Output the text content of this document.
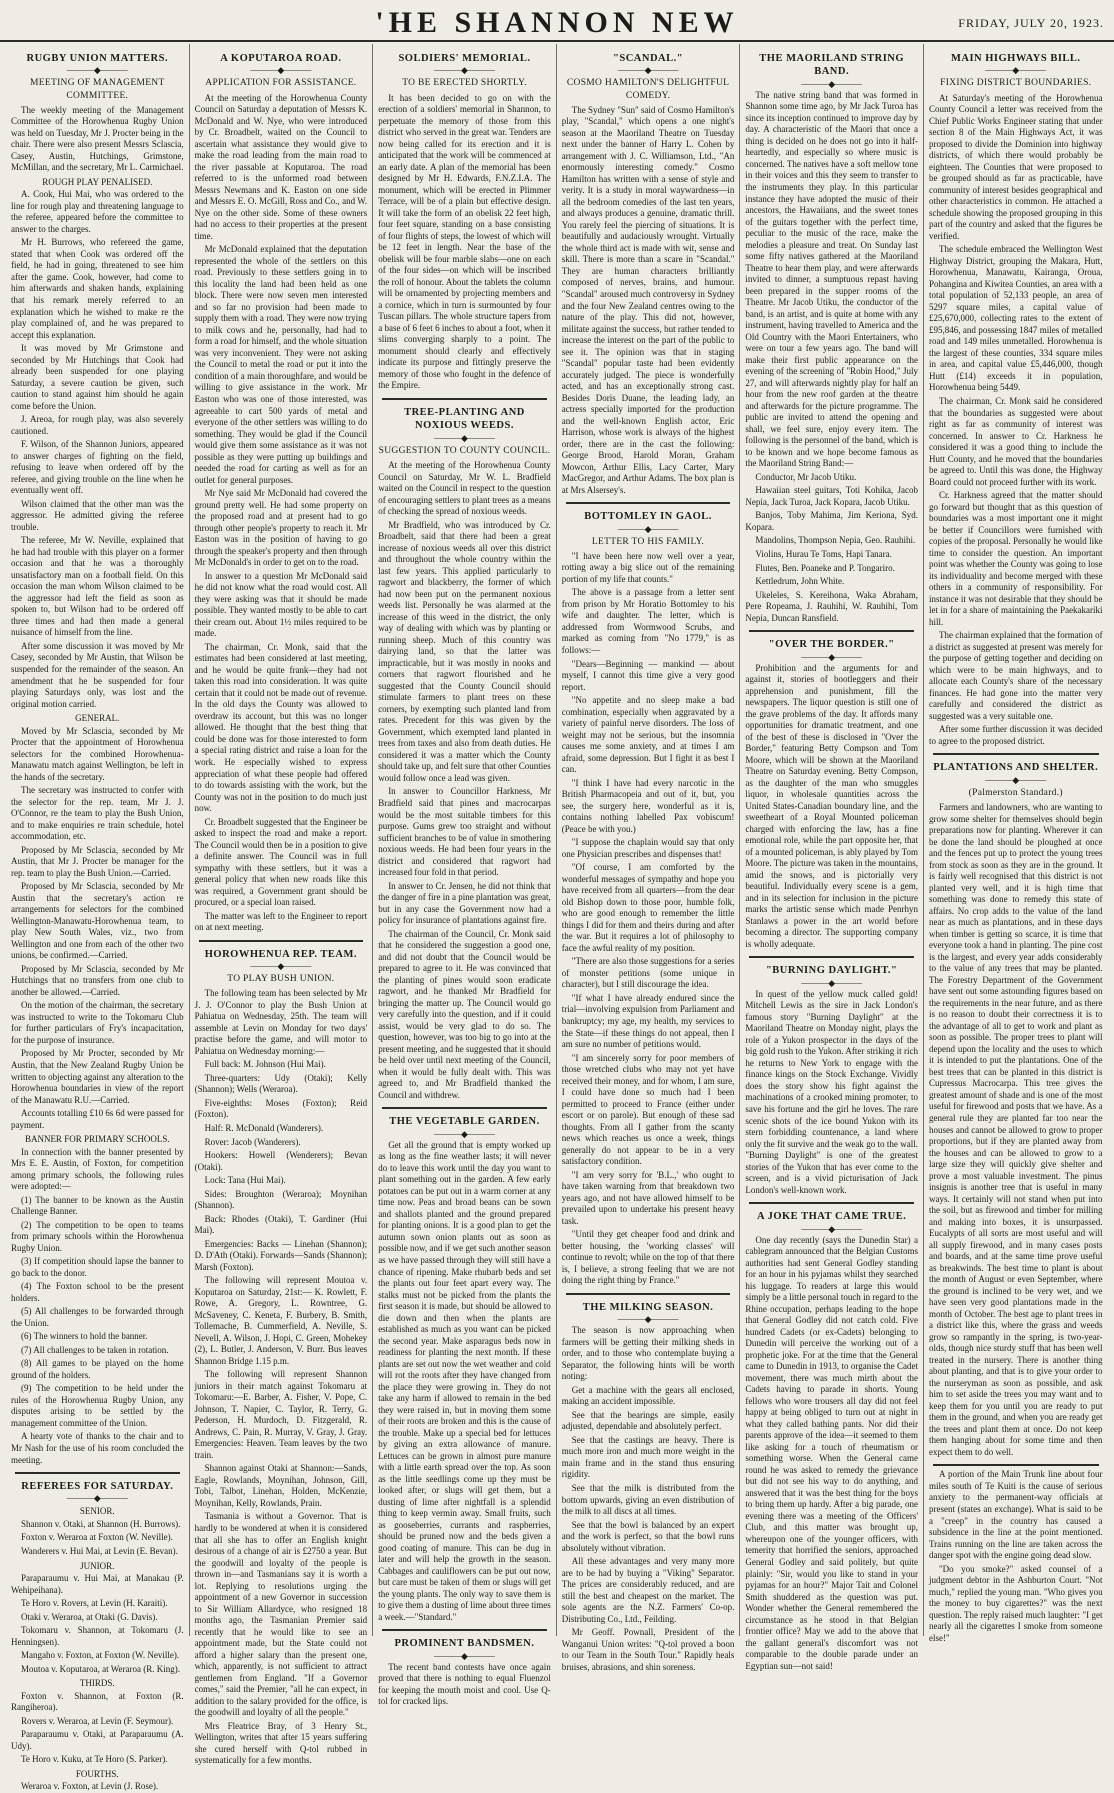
'HE SHANNON NEW	FRIDAY, JULY 20, 1923.
RUGBY UNION MATTERS.
———◆———
MEETING OF MANAGEMENT COMMITTEE.
The weekly meeting of the Management Committee of the Horowhenua Rugby Union was held on Tuesday, Mr J. Procter being in the chair. There were also present Messrs Sclascia, Casey, Austin, Hutchings, Grimstone, McMillan, and the secretary, Mr L. Carmichael.
ROUGH PLAY PENALISED.
A. Cook, Hui Mai, who was ordered to the line for rough play and threatening language to the referee, appeared before the committee to answer to the charges.
Mr H. Burrows, who refereed the game, stated that when Cook was ordered off the field, he had in going, threatened to see him after the game. Cook, however, had come to him afterwards and shaken hands, explaining that his remark merely referred to an explanation which he wished to make re the play complained of, and he was prepared to accept this explanation.
It was moved by Mr Grimstone and seconded by Mr Hutchings that Cook had already been suspended for one playing Saturday, a severe caution be given, such caution to stand against him should he again come before the Union.
J. Areoa, for rough play, was also severely cautioned.
F. Wilson, of the Shannon Juniors, appeared to answer charges of fighting on the field, refusing to leave when ordered off by the referee, and giving trouble on the line when he eventually went off.
Wilson claimed that the other man was the aggressor. He admitted giving the referee trouble.
The referee, Mr W. Neville, explained that he had had trouble with this player on a former occasion and that he was a thoroughly unsatisfactory man on a football field. On this occasion the man whom Wilson claimed to be the aggressor had left the field as soon as spoken to, but Wilson had to be ordered off three times and had then made a general nuisance of himself from the line.
After some discussion it was moved by Mr Casey, seconded by Mr Austin, that Wilson be suspended for the remainder of the season. An amendment that he be suspended for four playing Saturdays only, was lost and the original motion carried.
GENERAL.
Moved by Mr Sclascia, seconded by Mr Procter that the appointment of Horowhenua selectors for the combined Horowhenua-Manawatu match against Wellington, be left in the hands of the secretary.
The secretary was instructed to confer with the selector for the rep. team, Mr J. J. O'Connor, re the team to play the Bush Union, and to make enquiries re train schedule, hotel accommodation, etc.
Proposed by Mr Sclascia, seconded by Mr Austin, that Mr J. Procter be manager for the rep. team to play the Bush Union.—Carried.
Proposed by Mr Sclascia, seconded by Mr Austin that the secretary's action re arrangements for selectors for the combined Wellington-Manawatu-Horowhenua team, to play New South Wales, viz., two from Wellington and one from each of the other two unions, be confirmed.—Carried.
Proposed by Mr Sclascia, seconded by Mr Hutchings that no transfers from one club to another be allowed.—Carried.
On the motion of the chairman, the secretary was instructed to write to the Tokomaru Club for further particulars of Fry's incapacitation, for the purpose of insurance.
Proposed by Mr Procter, seconded by Mr Austin, that the New Zealand Rugby Union be written to objecting against any alteration to the Horowhenua boundaries in view of the report of the Manawatu R.U.—Carried.
Accounts totalling £10 6s 6d were passed for payment.
BANNER FOR PRIMARY SCHOOLS.
In connection with the banner presented by Mrs E. E. Austin, of Foxton, for competition among primary schools, the following rules were adopted:—
(1) The banner to be known as the Austin Challenge Banner.
(2) The competition to be open to teams from primary schools within the Horowhenua Rugby Union.
(3) If competition should lapse the banner to go back to the donor.
(4) The Foxton school to be the present holders.
(5) All challenges to be forwarded through the Union.
(6) The winners to hold the banner.
(7) All challenges to be taken in rotation.
(8) All games to be played on the home ground of the holders.
(9) The competition to be held under the rules of the Horowhenua Rugby Union, any disputes arising to be settled by the management committee of the Union.
A hearty vote of thanks to the chair and to Mr Nash for the use of his room concluded the meeting.
REFEREES FOR SATURDAY.
———◆———
SENIOR.
Shannon v. Otaki, at Shannon (H. Burrows).
Foxton v. Weraroa at Foxton (W. Neville).
Wanderers v. Hui Mai, at Levin (E. Bevan).
JUNIOR.
Paraparaumu v. Hui Mai, at Manakau (P. Wehipeihana).
Te Horo v. Rovers, at Levin (H. Karaiti).
Otaki v. Weraroa, at Otaki (G. Davis).
Tokomaru v. Shannon, at Tokomaru (J. Henningsen).
Mangaho v. Foxton, at Foxton (W. Neville).
Moutoa v. Koputaroa, at Weraroa (R. King).
THIRDS.
Foxton v. Shannon, at Foxton (R. Rangiheroa).
Rovers v. Weraroa, at Levin (F. Seymour).
Paraparaumu v. Otaki, at Paraparaumu (A. Udy).
Te Horo v. Kuku, at Te Horo (S. Parker).
FOURTHS.
Weraroa v. Foxton, at Levin (J. Rose).
A KOPUTAROA ROAD.
———◆———
APPLICATION FOR ASSISTANCE.
At the meeting of the Horowhenua County Council on Saturday a deputation of Messrs K. McDonald and W. Nye, who were introduced by Cr. Broadbelt, waited on the Council to ascertain what assistance they would give to make the road leading from the main road to the river passable at Koputaroa. The road referred to is the unformed road between Messrs Newmans and K. Easton on one side and Messrs E. O. McGill, Ross and Co., and W. Nye on the other side. Some of these owners had no access to their properties at the present time.
Mr McDonald explained that the deputation represented the whole of the settlers on this road. Previously to these settlers going in to this locality the land had been held as one block. There were now seven men interested and so far no provision had been made to supply them with a road. They were now trying to milk cows and he, personally, had had to form a road for himself, and the whole situation was very inconvenient. They were not asking the Council to metal the road or put it into the condition of a main thoroughfare, and would be willing to give assistance in the work. Mr Easton who was one of those interested, was agreeable to cart 500 yards of metal and everyone of the other settlers was willing to do something. They would be glad if the Council would give them some assistance as it was not possible as they were putting up buildings and needed the road for carting as well as for an outlet for general purposes.
Mr Nye said Mr McDonald had covered the ground pretty well. He had some property on the proposed road and at present had to go through other people's property to reach it. Mr Easton was in the position of having to go through the speaker's property and then through Mr McDonald's in order to get on to the road.
In answer to a question Mr McDonald said he did not know what the road would cost. All they were asking was that it should be made possible. They wanted mostly to be able to cart their cream out. About 1½ miles required to be made.
The chairman, Cr. Monk, said that the estimates had been considered at last meeting, and he would be quite frank—they had not taken this road into consideration. It was quite certain that it could not be made out of revenue. In the old days the County was allowed to overdraw its account, but this was no longer allowed. He thought that the best thing that could be done was for those interested to form a special rating district and raise a loan for the work. He especially wished to express appreciation of what these people had offered to do towards assisting with the work, but the County was not in the position to do much just now.
Cr. Broadbelt suggested that the Engineer be asked to inspect the road and make a report. The Council would then be in a position to give a definite answer. The Council was in full sympathy with these settlers, but it was a general policy that when new roads like this was required, a Government grant should be procured, or a special loan raised.
The matter was left to the Engineer to report on at next meeting.
HOROWHENUA REP. TEAM.
———◆———
TO PLAY BUSH UNION.
The following team has been selected by Mr J. J. O'Connor to play the Bush Union at Pahiatua on Wednesday, 25th. The team will assemble at Levin on Monday for two days' practise before the game, and will motor to Pahiatua on Wednesday morning:—
Full back: M. Johnson (Hui Mai).
Three-quarters: Udy (Otaki); Kelly (Shannon); Wells (Weraroa).
Five-eighths: Moses (Foxton); Reid (Foxton).
Half: R. McDonald (Wanderers).
Rover: Jacob (Wanderers).
Hookers: Howell (Wenderers); Bevan (Otaki).
Lock: Tana (Hui Mai).
Sides: Broughton (Weraroa); Moynihan (Shannon).
Back: Rhodes (Otaki), T. Gardiner (Hui Mai).
Emergencies: Backs — Linehan (Shannon); D. D'Ath (Otaki). Forwards—Sands (Shannon); Marsh (Foxton).
The following will represent Moutoa v. Koputaroa on Saturday, 21st:— K. Rowlett, F. Rowe, A. Gregory, L. Rowntree, G. McSaveney, C. Keneta, F. Burbery, B. Smith, Tollemache, B. Cummerfield, A. Neville, S. Nevell, A. Wilson, J. Hopi, C. Green, Mohekey (2), L. Butler, J. Anderson, V. Burr. Bus leaves Shannon Bridge 1.15 p.m.
The following will represent Shannon juniors in their match against Tokomaru at Tokomaru:—E. Barber, A. Fisher, V. Pope, C. Johnson, T. Napier, C. Taylor, R. Terry, G. Pederson, H. Murdoch, D. Fitzgerald, R. Andrews, C. Pain, R. Murray, V. Gray, J. Gray. Emergencies: Heaven. Team leaves by the two train.
Shannon against Otaki at Shannon:—Sands, Eagle, Rowlands, Moynihan, Johnson, Gill, Tobi, Talbot, Linehan, Holden, McKenzie, Moynihan, Kelly, Rowlands, Prain.
Tasmania is without a Governor. That is hardly to be wondered at when it is considered that all she has to offer an English knight desirous of a change of air is £2750 a year. But the goodwill and loyalty of the people is thrown in—and Tasmanians say it is worth a lot. Replying to resolutions urging the appointment of a new Governor in succession to Sir William Allardyce, who resigned 18 months ago, the Tasmanian Premier said recently that he would like to see an appointment made, but the State could not afford a higher salary than the present one, which, apparently, is not sufficient to attract gentlemen from England. "If a Governor comes," said the Premier, "all he can expect, in addition to the salary provided for the office, is the goodwill and loyalty of all the people."
Mrs Fleatrice Bray, of 3 Henry St., Wellington, writes that after 15 years suffering she cured herself with Q-tol rubbed in systematically for a few months.
SOLDIERS' MEMORIAL.
———◆———
TO BE ERECTED SHORTLY.
It has been decided to go on with the erection of a soldiers' memorial in Shannon, to perpetuate the memory of those from this district who served in the great war. Tenders are now being called for its erection and it is anticipated that the work will be commenced at an early date. A plan of the memorial has been designed by Mr H. Edwards, F.N.Z.I.A. The monument, which will be erected in Plimmer Terrace, will be of a plain but effective design. It will take the form of an obelisk 22 feet high, four feet square, standing on a base consisting of four flights of steps, the lowest of which will be 12 feet in length. Near the base of the obelisk will be four marble slabs—one on each of the four sides—on which will be inscribed the roll of honour. About the tablets the column will be ornamented by projecting members and a cornice, which in turn is surmounted by four Tuscan pillars. The whole structure tapers from a base of 6 feet 6 inches to about a foot, when it slims converging sharply to a point. The monument should clearly and effectively indicate its purpose and fittingly preserve the memory of those who fought in the defence of the Empire.
TREE-PLANTING AND NOXIOUS WEEDS.
———◆———
SUGGESTION TO COUNTY COUNCIL.
At the meeting of the Horowhenua County Council on Saturday, Mr W. L. Bradfield waited on the Council in respect to the question of encouraging settlers to plant trees as a means of checking the spread of noxious weeds.
Mr Bradfield, who was introduced by Cr. Broadbelt, said that there had been a great increase of noxious weeds all over this district and throughout the whole country within the last few years. This applied particularly to ragwort and blackberry, the former of which had now been put on the permanent noxious weeds list. Personally he was alarmed at the increase of this weed in the district, the only way of dealing with which was by planting or running sheep. Much of this country was dairying land, so that the latter was impracticable, but it was mostly in nooks and corners that ragwort flourished and he suggested that the County Council should stimulate farmers to plant trees on these corners, by exempting such planted land from rates. Precedent for this was given by the Government, which exempted land planted in trees from taxes and also from death duties. He considered it was a matter which the County should take up, and felt sure that other Counties would follow once a lead was given.
In answer to Councillor Harkness, Mr Bradfield said that pines and macrocarpas would be the most suitable timbers for this purpose. Gums grew too straight and without sufficient branches to be of value in smothering noxious weeds. He had been four years in the district and considered that ragwort had increased four fold in that period.
In answer to Cr. Jensen, he did not think that the danger of fire in a pine plantation was great, but in any case the Government now had a policy for insurance of plantations against fire.
The chairman of the Council, Cr. Monk said that he considered the suggestion a good one, and did not doubt that the Council would be prepared to agree to it. He was convinced that the planting of pines would soon eradicate ragwort, and he thanked Mr Bradfield for bringing the matter up. The Council would go very carefully into the question, and if it could assist, would be very glad to do so. The question, however, was too big to go into at the present meeting, and he suggested that it should be held over until next meeting of the Council, when it would be fully dealt with. This was agreed to, and Mr Bradfield thanked the Council and withdrew.
THE VEGETABLE GARDEN.
———◆———
Get all the ground that is empty worked up as long as the fine weather lasts; it will never do to leave this work until the day you want to plant something out in the garden. A few early potatoes can be put out in a warm corner at any time now. Peas and broad beans can be sown and shallots planted and the ground prepared for planting onions. It is a good plan to get the autumn sown onion plants out as soon as possible now, and if we get such another season as we have passed through they will still have a chance of ripening. Make rhubarb beds and set the plants out four feet apart every way. The stalks must not be picked from the plants the first season it is made, but should be allowed to die down and then when the plants are established as much as you want can be picked the second year. Make asparagus beds now in readiness for planting the next month. If these plants are set out now the wet weather and cold will rot the roots after they have changed from the place they were growing in. They do not take any harm if allowed to remain in the bed they were raised in, but in moving them some of their roots are broken and this is the cause of the trouble. Make up a special bed for lettuces by giving an extra allowance of manure. Lettuces can be grown in almost pure manure with a little earth spread over the top. As soon as the little seedlings come up they must be looked after, or slugs will get them, but a dusting of lime after nightfall is a splendid thing to keep vermin away. Small fruits, such as gooseberries, currants and raspberries, should be pruned now and the beds given a good coating of manure. This can be dug in later and will help the growth in the season. Cabbages and cauliflowers can be put out now, but care must be taken of them or slugs will get the young plants. The only way to save them is to give them a dusting of lime about three times a week.—"Standard."
PROMINENT BANDSMEN.
———◆———
The recent band contests have once again proved that there is nothing to equal Fluenzol for keeping the mouth moist and cool. Use Q-tol for cracked lips.
"SCANDAL."
———◆———
COSMO HAMILTON'S DELIGHTFUL COMEDY.
The Sydney "Sun" said of Cosmo Hamilton's play, "Scandal," which opens a one night's season at the Maoriland Theatre on Tuesday next under the banner of Harry L. Cohen by arrangement with J. C. Williamson, Ltd., "An enormously interesting comedy." Cosmo Hamilton has written with a sense of style and verity. It is a study in moral waywardness—in all the bedroom comedies of the last ten years, and always produces a genuine, dramatic thrill. You rarely feel the piercing of situations. It is beautifully and audaciously wrought. Virtually the whole third act is made with wit, sense and skill. There is more than a scare in "Scandal." They are human characters brilliantly composed of nerves, brains, and humour. "Scandal" aroused much controversy in Sydney and the four New Zealand centres owing to the nature of the play. This did not, however, militate against the success, but rather tended to increase the interest on the part of the public to see it. The opinion was that in staging "Scandal" popular taste had been evidently accurately judged. The piece is wonderfully acted, and has an exceptionally strong cast. Besides Doris Duane, the leading lady, an actress specially imported for the production and the well-known English actor, Eric Harrison, whose work is always of the highest order, there are in the cast the following: George Brood, Harold Moran, Graham Mowcon, Arthur Ellis, Lacy Carter, Mary MacGregor, and Arthur Adams. The box plan is at Mrs Alsersey's.
BOTTOMLEY IN GAOL.
———◆———
LETTER TO HIS FAMILY.
"I have been here now well over a year, rotting away a big slice out of the remaining portion of my life that counts."
The above is a passage from a letter sent from prison by Mr Horatio Bottomley to his wife and daughter. The letter, which is addressed from Wormwood Scrubs, and marked as coming from "No 1779," is as follows:—
"Dears—Beginning — mankind — about myself, I cannot this time give a very good report.
"No appetite and no sleep make a bad combination, especially when aggravated by a variety of painful nerve disorders. The loss of weight may not be serious, but the insomnia causes me some anxiety, and at times I am afraid, some depression. But I fight it as best I can.
"I think I have had every narcotic in the British Pharmacopeia and out of it, but, you see, the surgery here, wonderful as it is, contains nothing labelled Pax vobiscum! (Peace be with you.)
"I suppose the chaplain would say that only one Physician prescribes and dispenses that!
"Of course, I am comforted by the wonderful messages of sympathy and hope you have received from all quarters—from the dear old Bishop down to those poor, humble folk, who are good enough to remember the little things I did for them and theirs during and after the war. But it requires a lot of philosophy to face the awful reality of my position.
"There are also those suggestions for a series of monster petitions (some unique in character), but I still discourage the idea.
"If what I have already endured since the trial—involving expulsion from Parliament and bankruptcy; my age, my health, my services to the State—if these things do not appeal, then I am sure no number of petitions would.
"I am sincerely sorry for poor members of those wretched clubs who may not yet have received their money, and for whom, I am sure, I could have done so much had I been permitted to proceed to France (either under escort or on parole). But enough of these sad thoughts. From all I gather from the scanty news which reaches us once a week, things generally do not appear to be in a very satisfactory condition.
"I am very sorry for 'B.L.,' who ought to have taken warning from that breakdown two years ago, and not have allowed himself to be prevailed upon to undertake his present heavy task.
"Until they get cheaper food and drink and better housing, the 'working classes' will continue to revolt; while on the top of that there is, I believe, a strong feeling that we are not doing the right thing by France."
THE MILKING SEASON.
———◆———
The season is now approaching when farmers will be getting their milking sheds in order, and to those who contemplate buying a Separator, the following hints will be worth noting:
Get a machine with the gears all enclosed, making an accident impossible.
See that the bearings are simple, easily adjusted, dependable and absolutely perfect.
See that the castings are heavy. There is much more iron and much more weight in the main frame and in the stand thus ensuring rigidity.
See that the milk is distributed from the bottom upwards, giving an even distribution of the milk to all discs at all times.
See that the bowl is balanced by an expert and the work is perfect, so that the bowl runs absolutely without vibration.
All these advantages and very many more are to be had by buying a "Viking" Separator. The prices are considerably reduced, and are still the best and cheapest on the market. The sole agents are the N.Z. Farmers' Co-op. Distributing Co., Ltd., Feilding.
Mr Geoff. Pownall, President of the Wanganui Union writes: "Q-tol proved a boon to our Team in the South Tour." Rapidly heals bruises, abrasions, and shin soreness.
THE MAORILAND STRING BAND.
———◆———
The native string band that was formed in Shannon some time ago, by Mr Jack Turoa has since its inception continued to improve day by day. A characteristic of the Maori that once a thing is decided on he does not go into it half-heartedly, and especially so where music is concerned. The natives have a soft mellow tone in their voices and this they seem to transfer to the instruments they play. In this particular instance they have adopted the music of their ancestors, the Hawaiians, and the sweet tones of the guitars together with the perfect time, peculiar to the music of the race, make the melodies a pleasure and treat. On Sunday last some fifty natives gathered at the Maoriland Theatre to hear them play, and were afterwards invited to dinner, a sumptuous repast having been prepared in the supper rooms of the Theatre. Mr Jacob Utiku, the conductor of the band, is an artist, and is quite at home with any instrument, having travelled to America and the Old Country with the Maori Entertainers, who were on tour a few years ago. The band will make their first public appearance on the evening of the screening of "Robin Hood," July 27, and will afterwards nightly play for half an hour from the new roof garden at the theatre and afterwards for the picture programme. The public are invited to attend the opening and shall, we feel sure, enjoy every item. The following is the personnel of the band, which is to be known and we hope become famous as the Maoriland String Band:—
Conductor, Mr Jacob Utiku.
Hawaiian steel guitars, Toti Kohika, Jacob Nepia, Jack Turoa, Jack Kopara, Jacob Utiku.
Banjos, Toby Mahima, Jim Keriona, Syd. Kopara.
Mandolins, Thompson Nepia, Geo. Rauhihi.
Violins, Hurau Te Toms, Hapi Tanara.
Flutes, Ben. Poaneke and P. Tongariro.
Kettledrum, John White.
Ukeleles, S. Kereihona, Waka Abraham, Pere Ropeama, J. Rauhihi, W. Rauhihi, Tom Nepia, Duncan Ransfield.
"OVER THE BORDER."
———◆———
Prohibition and the arguments for and against it, stories of bootleggers and their apprehension and punishment, fill the newspapers. The liquor question is still one of the grave problems of the day. It affords many opportunities for dramatic treatment, and one of the best of these is disclosed in "Over the Border," featuring Betty Compson and Tom Moore, which will be shown at the Maoriland Theatre on Saturday evening. Betty Compson, as the daughter of the man who smuggles liquor, in wholesale quantities across the United States-Canadian boundary line, and the sweetheart of a Royal Mounted policeman charged with enforcing the law, has a fine emotional role, while the part opposite her, that of a mounted policeman, is ably played by Tom Moore. The picture was taken in the mountains, amid the snows, and is pictorially very beautiful. Individually every scene is a gem, and in its selection for inclusion in the picture marks the artistic sense which made Penrhyn Stanlaws a power in the art world before becoming a director. The supporting company is wholly adequate.
"BURNING DAYLIGHT."
———◆———
In quest of the yellow muck called gold! Mitchell Lewis as the sire in Jack London's famous story "Burning Daylight" at the Maoriland Theatre on Monday night, plays the role of a Yukon prospector in the days of the big gold rush to the Yukon. After striking it rich he returns to New York to engage with the finance kings on the Stock Exchange. Vividly does the story show his fight against the machinations of a crooked mining promoter, to save his fortune and the girl he loves. The rare scenic shots of the ice bound Yukon with its stern forbidding countenance, a land where only the fit survive and the weak go to the wall. "Burning Daylight" is one of the greatest stories of the Yukon that has ever come to the screen, and is a vivid picturisation of Jack London's well-known work.
A JOKE THAT CAME TRUE.
———◆———
One day recently (says the Dunedin Star) a cablegram announced that the Belgian Customs authorities had sent General Godley standing for an hour in his pyjamas whilst they searched his luggage. To readers at large this would simply be a little personal touch in regard to the Rhine occupation, perhaps leading to the hope that General Godley did not catch cold. Five hundred Cadets (or ex-Cadets) belonging to Dunedin will perceive the working out of a prophetic joke. For at the time that the General came to Dunedin in 1913, to organise the Cadet movement, there was much mirth about the Cadets having to parade in shorts. Young fellows who wore trousers all day did not feel happy at being obliged to turn out at night in what they called bathing pants. Nor did their parents approve of the idea—it seemed to them like asking for a touch of rheumatism or something worse. When the General came round he was asked to remedy the grievance but did not see his way to do anything, and answered that it was the best thing for the boys to bring them up hardy. After a big parade, one evening there was a meeting of the Officers' Club, and this matter was brought up, whereupon one of the younger officers, with temerity that horrified the seniors, approached General Godley and said politely, but quite plainly: "Sir, would you like to stand in your pyjamas for an hour?" Major Tait and Colonel Smith shuddered as the question was put. Wonder whether the General remembered the circumstance as he stood in that Belgian frontier office? May we add to the above that the gallant general's discomfort was not comparable to the double parade under an Egyptian sun—not said!
MAIN HIGHWAYS BILL.
———◆———
FIXING DISTRICT BOUNDARIES.
At Saturday's meeting of the Horowhenua County Council a letter was received from the Chief Public Works Engineer stating that under section 8 of the Main Highways Act, it was proposed to divide the Dominion into highway districts, of which there would probably be eighteen. The Counties that were proposed to be grouped should as far as practicable, have community of interest besides geographical and other characteristics in common. He attached a schedule showing the proposed grouping in this part of the country and asked that the figures be verified.
The schedule embraced the Wellington West Highway District, grouping the Makara, Hutt, Horowhenua, Manawatu, Kairanga, Oroua, Pohangina and Kiwitea Counties, an area with a total population of 52,133 people, an area of 5297 square miles, a capital value of £25,670,000, collecting rates to the extent of £95,846, and possessing 1847 miles of metalled road and 149 miles unmetalled. Horowhenua is the largest of these counties, 334 square miles in area, and capital value £5,446,000, though Hutt (£14) exceeds it in population, Horowhenua being 5449.
The chairman, Cr. Monk said he considered that the boundaries as suggested were about right as far as community of interest was concerned. In answer to Cr. Harkness he considered it was a good thing to include the Hutt County, and he moved that the boundaries be agreed to. Until this was done, the Highway Board could not proceed further with its work.
Cr. Harkness agreed that the matter should go forward but thought that as this question of boundaries was a most important one it might be better if Councillors were furnished with copies of the proposal. Personally he would like time to consider the question. An important point was whether the County was going to lose its individuality and become merged with these others in a community of responsibility. For instance it was not desirable that they should be let in for a share of maintaining the Paekakariki hill.
The chairman explained that the formation of a district as suggested at present was merely for the purpose of getting together and deciding on which were to be main highways, and to allocate each County's share of the necessary finances. He had gone into the matter very carefully and considered the district as suggested was a very suitable one.
After some further discussion it was decided to agree to the proposed district.
PLANTATIONS AND SHELTER.
———◆———
(Palmerston Standard.)
Farmers and landowners, who are wanting to grow some shelter for themselves should begin preparations now for planting. Wherever it can be done the land should be ploughed at once and the fences put up to protect the young trees from stock as soon as they are in the ground. It is fairly well recognised that this district is not planted very well, and it is high time that something was done to remedy this state of affairs. No crop adds to the value of the land near as much as plantations, and in these days when timber is getting so scarce, it is time that everyone took a hand in planting. The pine cost is the largest, and every year adds considerably to the value of any trees that may be planted. The Forestry Department of the Government have sent out some astounding figures based on the requirements in the near future, and as there is no reason to doubt their correctness it is to the advantage of all to get to work and plant as soon as possible. The proper trees to plant will depend upon the locality and the uses to which it is intended to put the plantations. One of the best trees that can be planted in this district is Cupressus Macrocarpa. This tree gives the greatest amount of shade and is one of the most useful for firewood and posts that we have. As a general rule they are planted far too near the houses and cannot be allowed to grow to proper proportions, but if they are planted away from the houses and can be allowed to grow to a large size they will quickly give shelter and prove a most valuable investment. The pinus insignis is another tree that is useful in many ways. It certainly will not stand when put into the soil, but as firewood and timber for milling and making into boxes, it is unsurpassed. Eucalypts of all sorts are most useful and will all supply firewood, and in many cases posts and boards, and at the same time prove useful as breakwinds. The best time to plant is about the month of August or even September, where the ground is inclined to be very wet, and we have seen very good plantations made in the month of October. The best age to plant trees in a district like this, where the grass and weeds grow so rampantly in the spring, is two-year-olds, though nice sturdy stuff that has been well treated in the nursery. There is another thing about planting, and that is to give your order to the nurseryman as soon as possible, and ask him to set aside the trees you may want and to keep them for you until you are ready to put them in the ground, and when you are ready get the trees and plant them at once. Do not keep them hanging about for some time and then expect them to do well.
A portion of the Main Trunk line about four miles south of Te Kuiti is the cause of serious anxiety to the permanent-way officials at present (states an exchange). What is said to be a "creep" in the country has caused a subsidence in the line at the point mentioned. Trains running on the line are taken across the danger spot with the engine going dead slow.
"Do you smoke?" asked counsel of a judgment debtor in the Ashburton Court. "Not much," replied the young man. "Who gives you the money to buy cigarettes?" was the next question. The reply raised much laughter: "I get nearly all the cigarettes I smoke from someone else!"
